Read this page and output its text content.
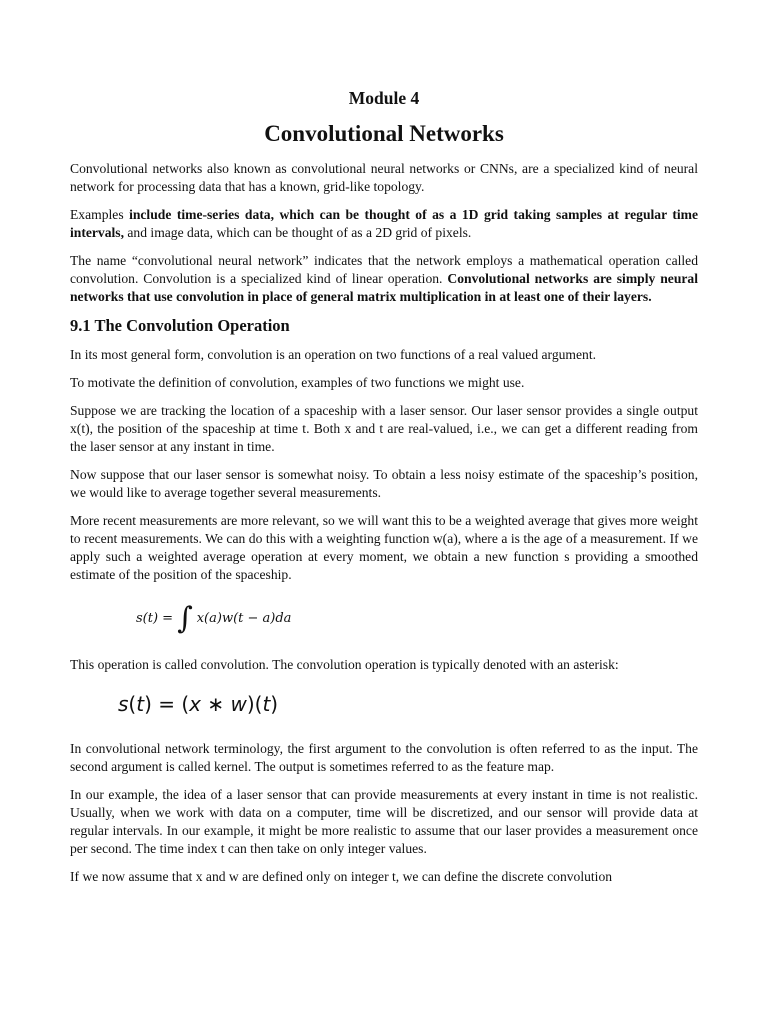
Module 4
Convolutional Networks

Convolutional networks also known as convolutional neural networks or CNNs, are a specialized kind of neural network for processing data that has a known, grid-like topology.

Examples include time-series data, which can be thought of as a 1D grid taking samples at regular time intervals, and image data, which can be thought of as a 2D grid of pixels.

The name “convolutional neural network” indicates that the network employs a mathematical operation called convolution. Convolution is a specialized kind of linear operation. Convolutional networks are simply neural networks that use convolution in place of general matrix multiplication in at least one of their layers.

9.1 The Convolution Operation

In its most general form, convolution is an operation on two functions of a real valued argument.

To motivate the definition of convolution, examples of two functions we might use.

Suppose we are tracking the location of a spaceship with a laser sensor. Our laser sensor provides a single output x(t), the position of the spaceship at time t. Both x and t are real-valued, i.e., we can get a different reading from the laser sensor at any instant in time.

Now suppose that our laser sensor is somewhat noisy. To obtain a less noisy estimate of the spaceship’s position, we would like to average together several measurements.

More recent measurements are more relevant, so we will want this to be a weighted average that gives more weight to recent measurements. We can do this with a weighting function w(a), where a is the age of a measurement. If we apply such a weighted average operation at every moment, we obtain a new function s providing a smoothed estimate of the position of the spaceship.

s(t) = ∫ x(a)w(t − a)da

This operation is called convolution. The convolution operation is typically denoted with an asterisk:

s ( t ) = ( x ∗ w )( t )

In convolutional network terminology, the first argument to the convolution is often referred to as the input. The second argument is called kernel. The output is sometimes referred to as the feature map.

In our example, the idea of a laser sensor that can provide measurements at every instant in time is not realistic. Usually, when we work with data on a computer, time will be discretized, and our sensor will provide data at regular intervals. In our example, it might be more realistic to assume that our laser provides a measurement once per second. The time index t can then take on only integer values.

If we now assume that x and w are defined only on integer t, we can define the discrete convolution
